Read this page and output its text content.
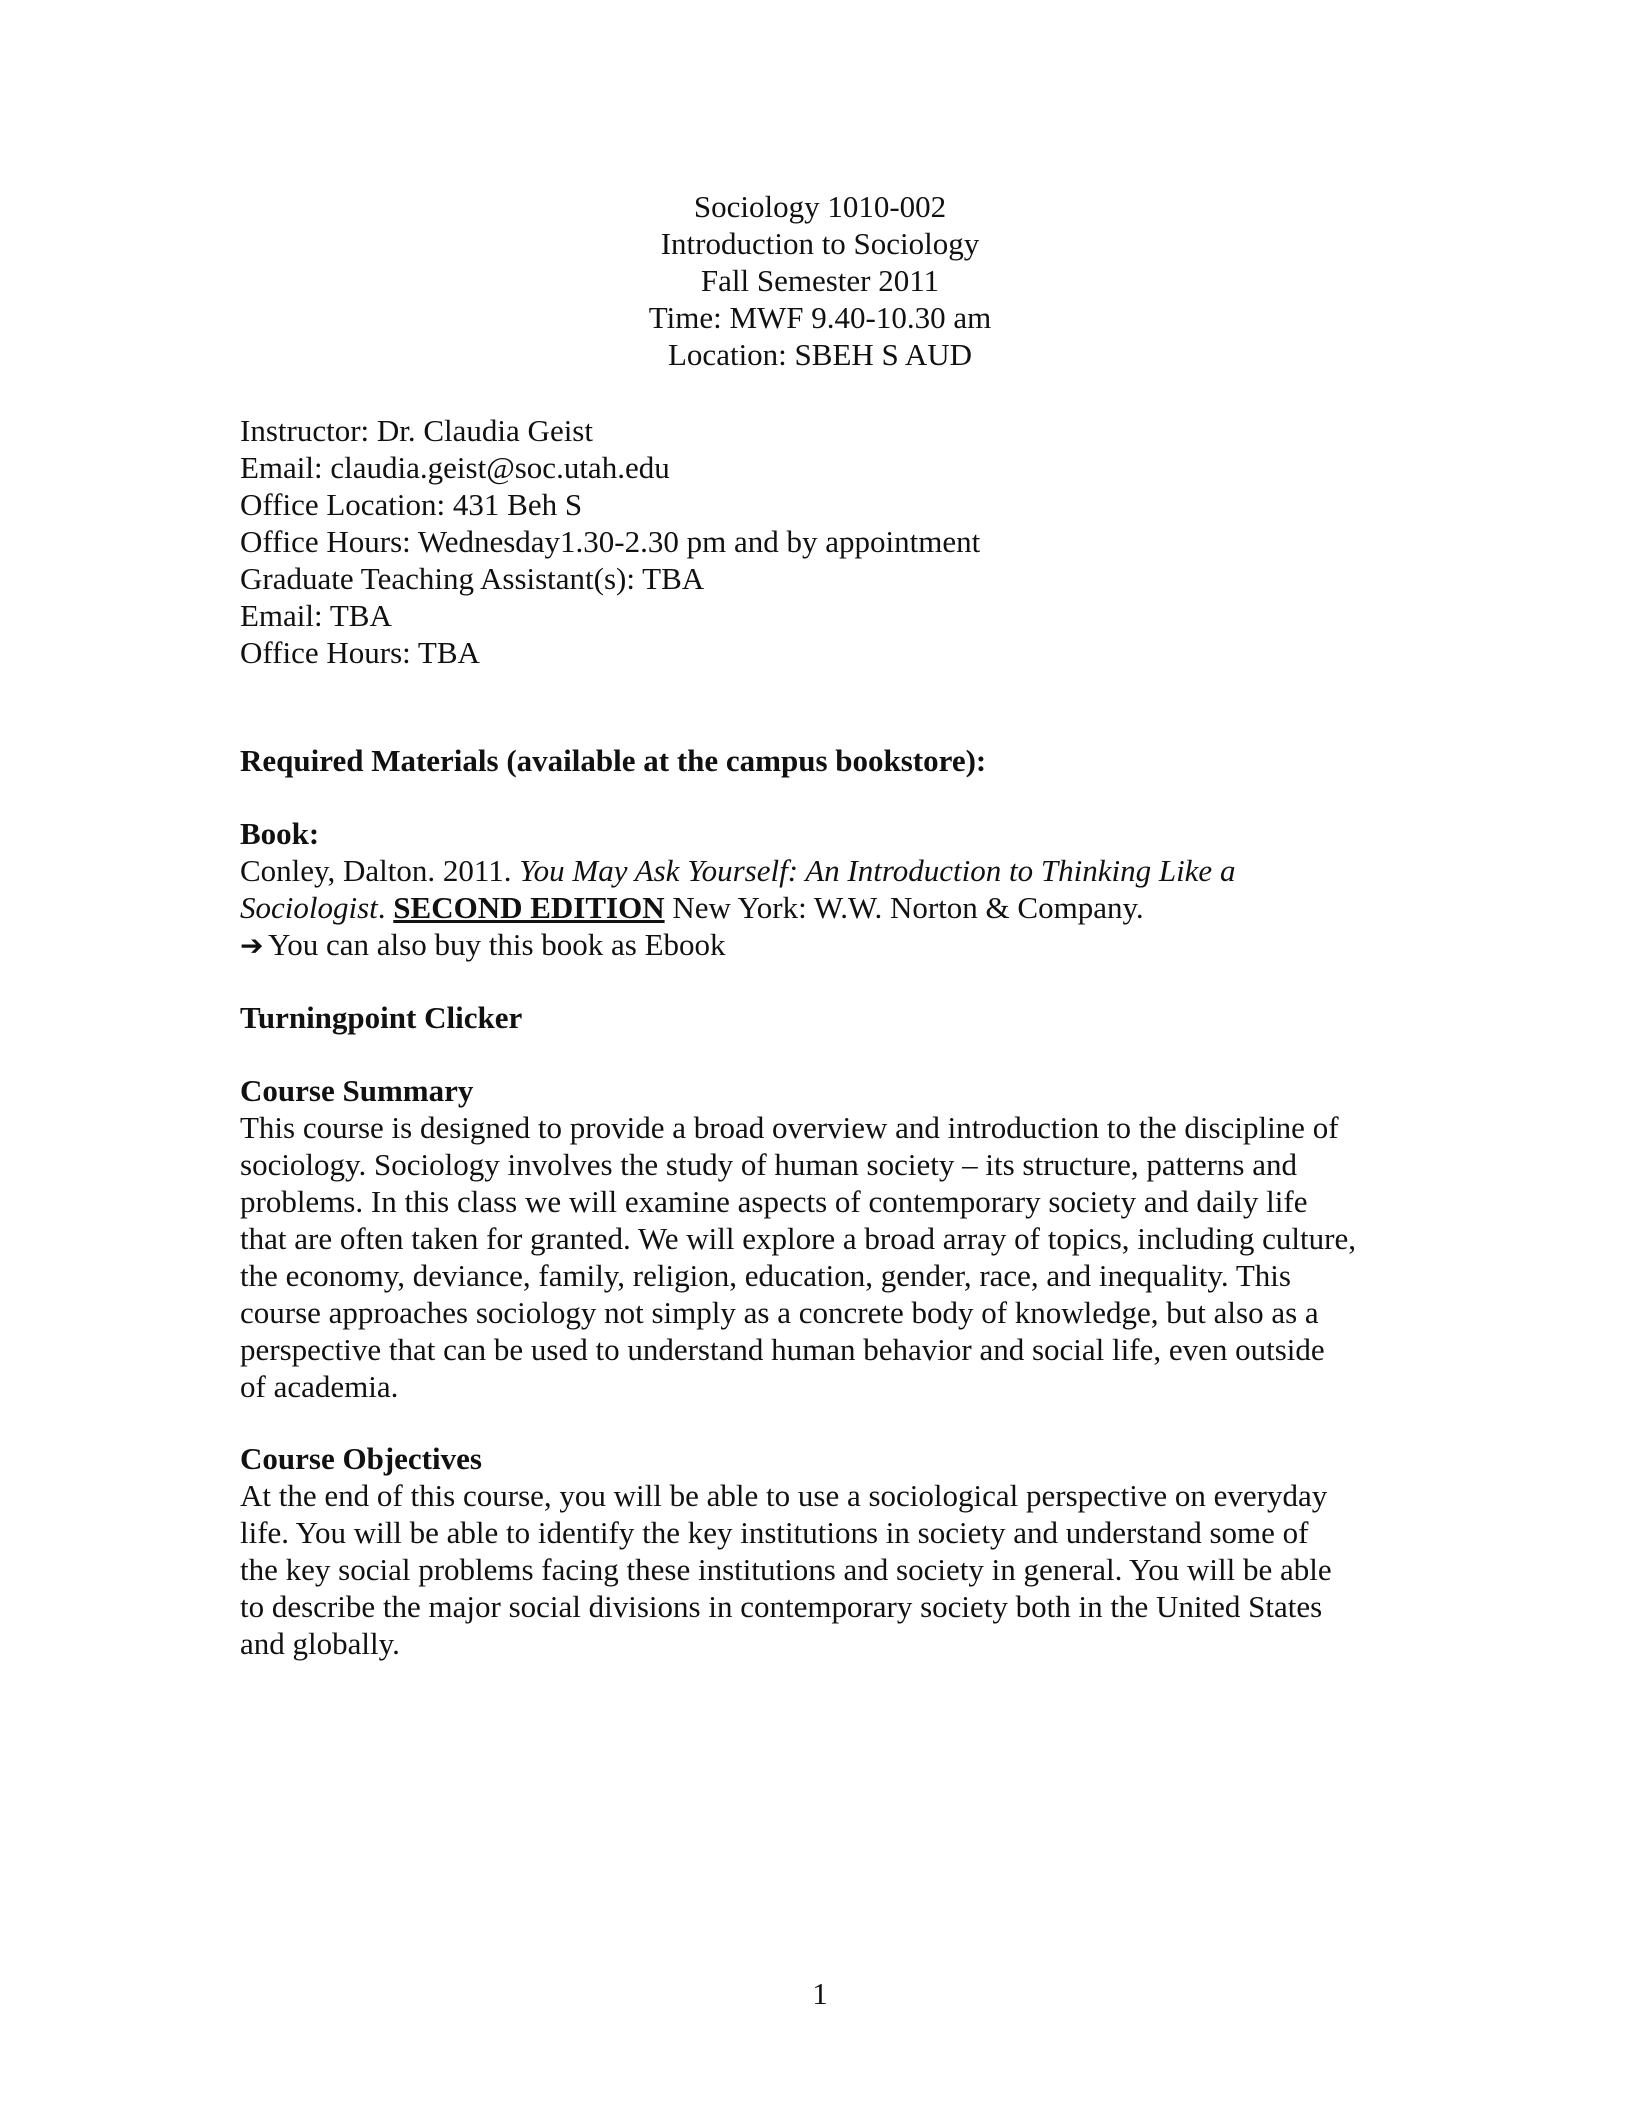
Sociology 1010-002
Introduction to Sociology
Fall Semester 2011
Time: MWF 9.40-10.30 am
Location: SBEH S AUD
Instructor: Dr. Claudia Geist
Email: claudia.geist@soc.utah.edu
Office Location: 431 Beh S
Office Hours: Wednesday1.30-2.30 pm and by appointment
Graduate Teaching Assistant(s): TBA
Email: TBA
Office Hours: TBA
Required Materials (available at the campus bookstore):
Book:
Conley, Dalton. 2011. You May Ask Yourself: An Introduction to Thinking Like a
Sociologist. SECOND EDITION New York: W.W. Norton & Company.
➔ You can also buy this book as Ebook
Turningpoint Clicker
Course Summary
This course is designed to provide a broad overview and introduction to the discipline of
sociology. Sociology involves the study of human society – its structure, patterns and
problems. In this class we will examine aspects of contemporary society and daily life
that are often taken for granted. We will explore a broad array of topics, including culture,
the economy, deviance, family, religion, education, gender, race, and inequality. This
course approaches sociology not simply as a concrete body of knowledge, but also as a
perspective that can be used to understand human behavior and social life, even outside
of academia.
Course Objectives
At the end of this course, you will be able to use a sociological perspective on everyday
life. You will be able to identify the key institutions in society and understand some of
the key social problems facing these institutions and society in general. You will be able
to describe the major social divisions in contemporary society both in the United States
and globally.
1
